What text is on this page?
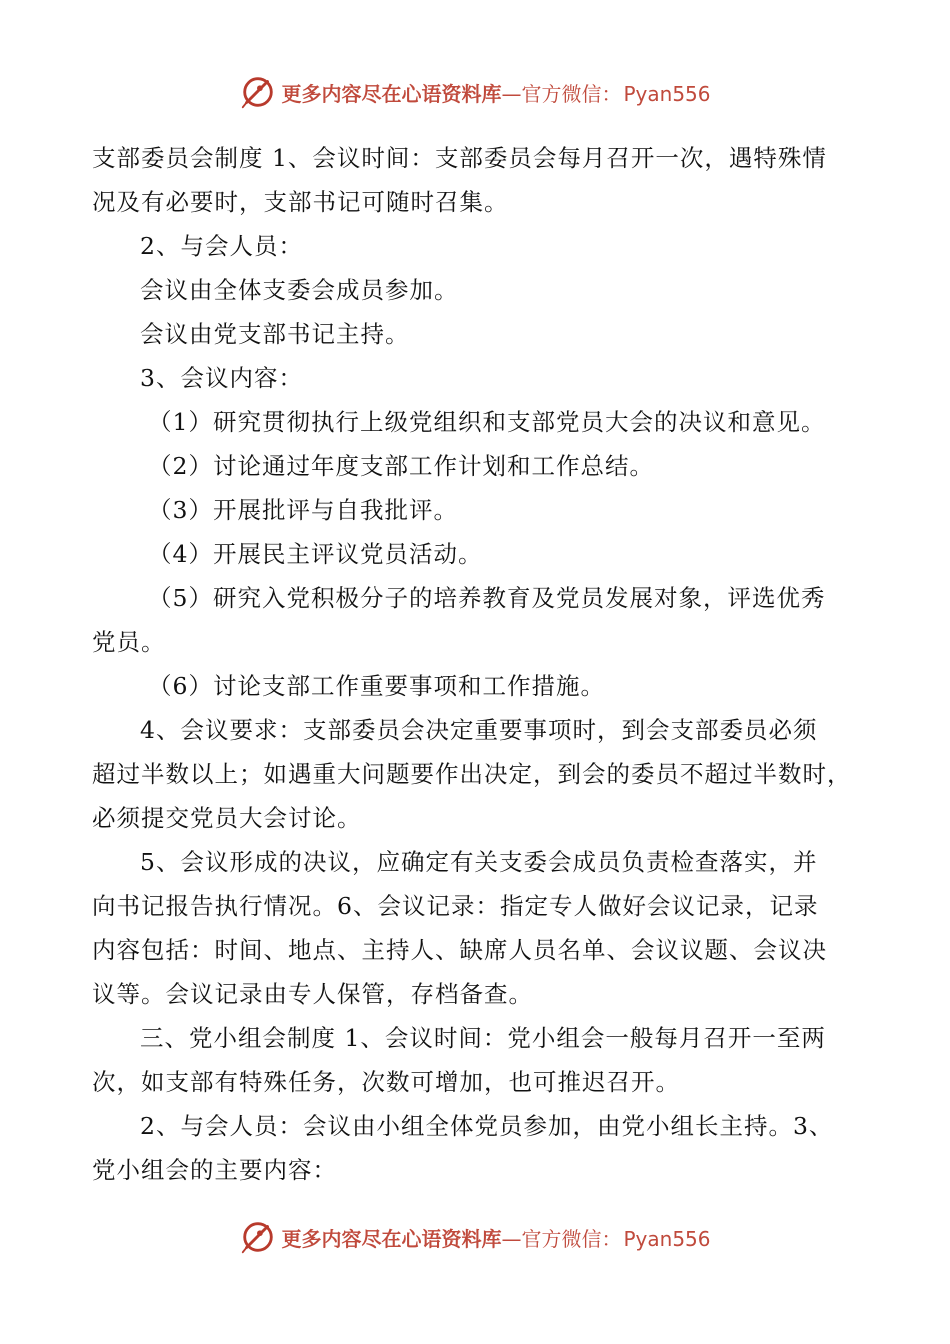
更多内容尽在心语资料库—官方微信： Pyan556
支部委员会制度 1、会议时间：支部委员会每月召开一次，遇特殊情
况及有必要时，支部书记可随时召集。
2、与会人员：
会议由全体支委会成员参加。
会议由党支部书记主持。
3、会议内容：
（1）研究贯彻执行上级党组织和支部党员大会的决议和意见。
（2）讨论通过年度支部工作计划和工作总结。
（3）开展批评与自我批评。
（4）开展民主评议党员活动。
（5）研究入党积极分子的培养教育及党员发展对象，评选优秀
党员。
（6）讨论支部工作重要事项和工作措施。
4、会议要求：支部委员会决定重要事项时，到会支部委员必须
超过半数以上；如遇重大问题要作出决定，到会的委员不超过半数时，
必须提交党员大会讨论。
5、会议形成的决议，应确定有关支委会成员负责检查落实，并
向书记报告执行情况。6、会议记录：指定专人做好会议记录，记录
内容包括：时间、地点、主持人、缺席人员名单、会议议题、会议决
议等。会议记录由专人保管，存档备查。
三、党小组会制度 1、会议时间：党小组会一般每月召开一至两
次，如支部有特殊任务，次数可增加，也可推迟召开。
2、与会人员：会议由小组全体党员参加，由党小组长主持。3、
党小组会的主要内容：
更多内容尽在心语资料库—官方微信： Pyan556
